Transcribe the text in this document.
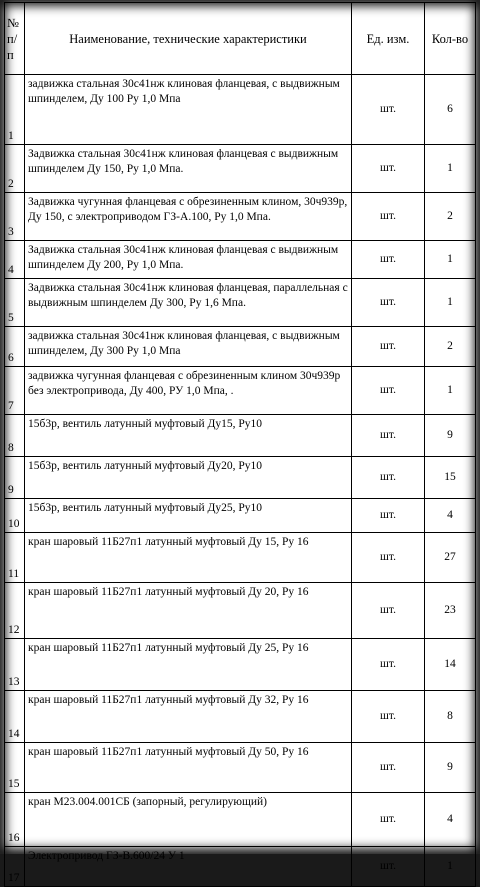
№ п/п	Наименование, технические характеристики	Ед. изм.	Кол-во
1	задвижка стальная 30с41нж клиновая фланцевая, с выдвижным шпинделем, Ду 100 Ру 1,0 Мпа	шт.	6
2	Задвижка стальная 30с41нж клиновая фланцевая с выдвижным шпинделем Ду 150, Ру 1,0 Мпа.	шт.	1
3	Задвижка чугунная фланцевая с обрезиненным клином, 30ч939р, Ду 150, с электроприводом ГЗ-А.100, Ру 1,0 Мпа.	шт.	2
4	Задвижка стальная 30с41нж клиновая фланцевая с выдвижным шпинделем Ду 200, Ру 1,0 Мпа.	шт.	1
5	Задвижка стальная 30с41нж клиновая фланцевая, параллельная с выдвижным шпинделем Ду 300, Ру 1,6 Мпа.	шт.	1
6	задвижка стальная 30с41нж клиновая фланцевая, с выдвижным шпинделем, Ду 300 Ру 1,0 Мпа	шт.	2
7	задвижка чугунная фланцевая с обрезиненным клином 30ч939р без электропривода, Ду 400, РУ 1,0 Мпа, .	шт.	1
8	15б3р, вентиль латунный муфтовый Ду15, Ру10	шт.	9
9	15б3р, вентиль латунный муфтовый Ду20, Ру10	шт.	15
10	15б3р, вентиль латунный муфтовый Ду25, Ру10	шт.	4
11	кран шаровый 11Б27п1 латунный муфтовый Ду 15, Ру 16	шт.	27
12	кран шаровый 11Б27п1 латунный муфтовый Ду 20, Ру 16	шт.	23
13	кран шаровый 11Б27п1 латунный муфтовый Ду 25, Ру 16	шт.	14
14	кран шаровый 11Б27п1 латунный муфтовый Ду 32, Ру 16	шт.	8
15	кран шаровый 11Б27п1 латунный муфтовый Ду 50, Ру 16	шт.	9
16	кран М23.004.001СБ (запорный, регулирующий)	шт.	4
17	Электропривод ГЗ-В.600/24 У 1	шт.	1
